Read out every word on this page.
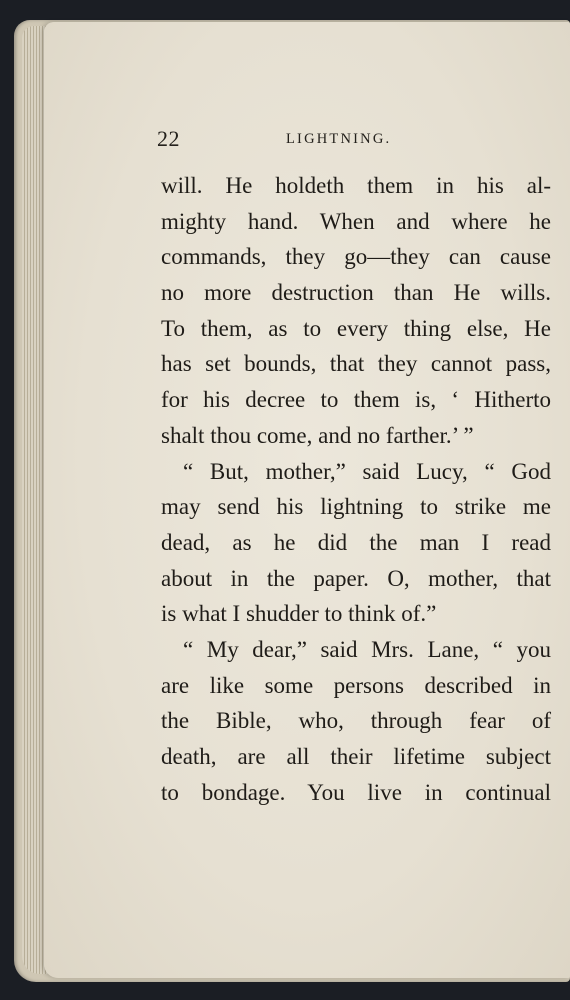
22	LIGHTNING.
will. He holdeth them in his al-
mighty hand. When and where he
commands, they go—they can cause
no more destruction than He wills.
To them, as to every thing else, He
has set bounds, that they cannot pass,
for his decree to them is, ‘ Hitherto
shalt thou come, and no farther.’ ”
“ But, mother,” said Lucy, “ God
may send his lightning to strike me
dead, as he did the man I read
about in the paper. O, mother, that
is what I shudder to think of.”
“ My dear,” said Mrs. Lane, “ you
are like some persons described in
the Bible, who, through fear of
death, are all their lifetime subject
to bondage. You live in continual
